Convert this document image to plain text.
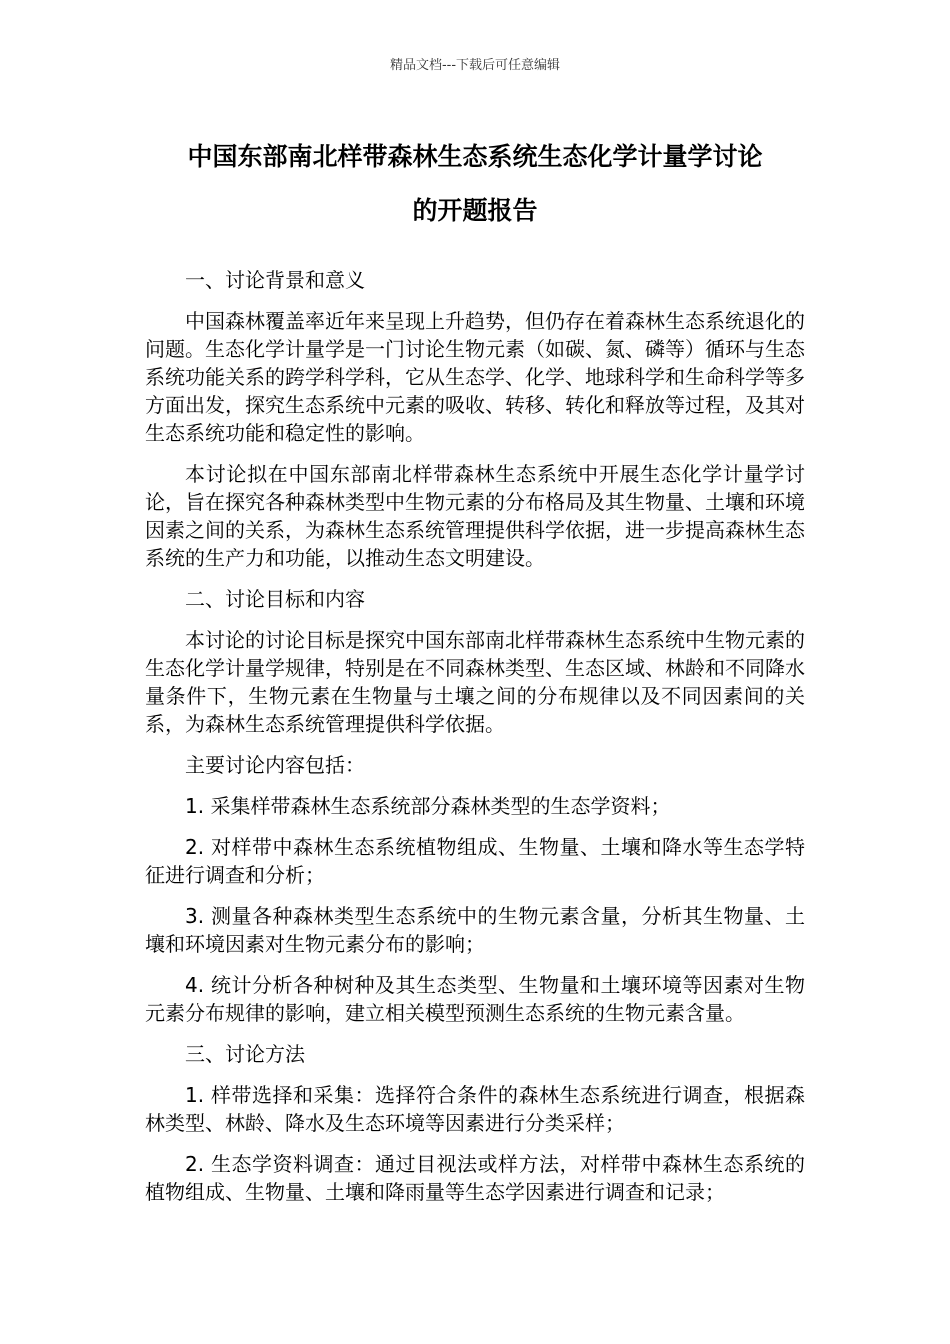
精品文档---下载后可任意编辑
中国东部南北样带森林生态系统生态化学计量学讨论
的开题报告

一、讨论背景和意义

中国森林覆盖率近年来呈现上升趋势，但仍存在着森林生态系统退化的问题。生态化学计量学是一门讨论生物元素（如碳、氮、磷等）循环与生态系统功能关系的跨学科学科，它从生态学、化学、地球科学和生命科学等多方面出发，探究生态系统中元素的吸收、转移、转化和释放等过程，及其对生态系统功能和稳定性的影响。

本讨论拟在中国东部南北样带森林生态系统中开展生态化学计量学讨论，旨在探究各种森林类型中生物元素的分布格局及其生物量、土壤和环境因素之间的关系，为森林生态系统管理提供科学依据，进一步提高森林生态系统的生产力和功能，以推动生态文明建设。

二、讨论目标和内容

本讨论的讨论目标是探究中国东部南北样带森林生态系统中生物元素的生态化学计量学规律，特别是在不同森林类型、生态区域、林龄和不同降水量条件下，生物元素在生物量与土壤之间的分布规律以及不同因素间的关系，为森林生态系统管理提供科学依据。

主要讨论内容包括：

1. 采集样带森林生态系统部分森林类型的生态学资料；

2. 对样带中森林生态系统植物组成、生物量、土壤和降水等生态学特征进行调查和分析；

3. 测量各种森林类型生态系统中的生物元素含量，分析其生物量、土壤和环境因素对生物元素分布的影响；

4. 统计分析各种树种及其生态类型、生物量和土壤环境等因素对生物元素分布规律的影响，建立相关模型预测生态系统的生物元素含量。

三、讨论方法

1. 样带选择和采集：选择符合条件的森林生态系统进行调查，根据森林类型、林龄、降水及生态环境等因素进行分类采样；

2. 生态学资料调查：通过目视法或样方法，对样带中森林生态系统的植物组成、生物量、土壤和降雨量等生态学因素进行调查和记录；
